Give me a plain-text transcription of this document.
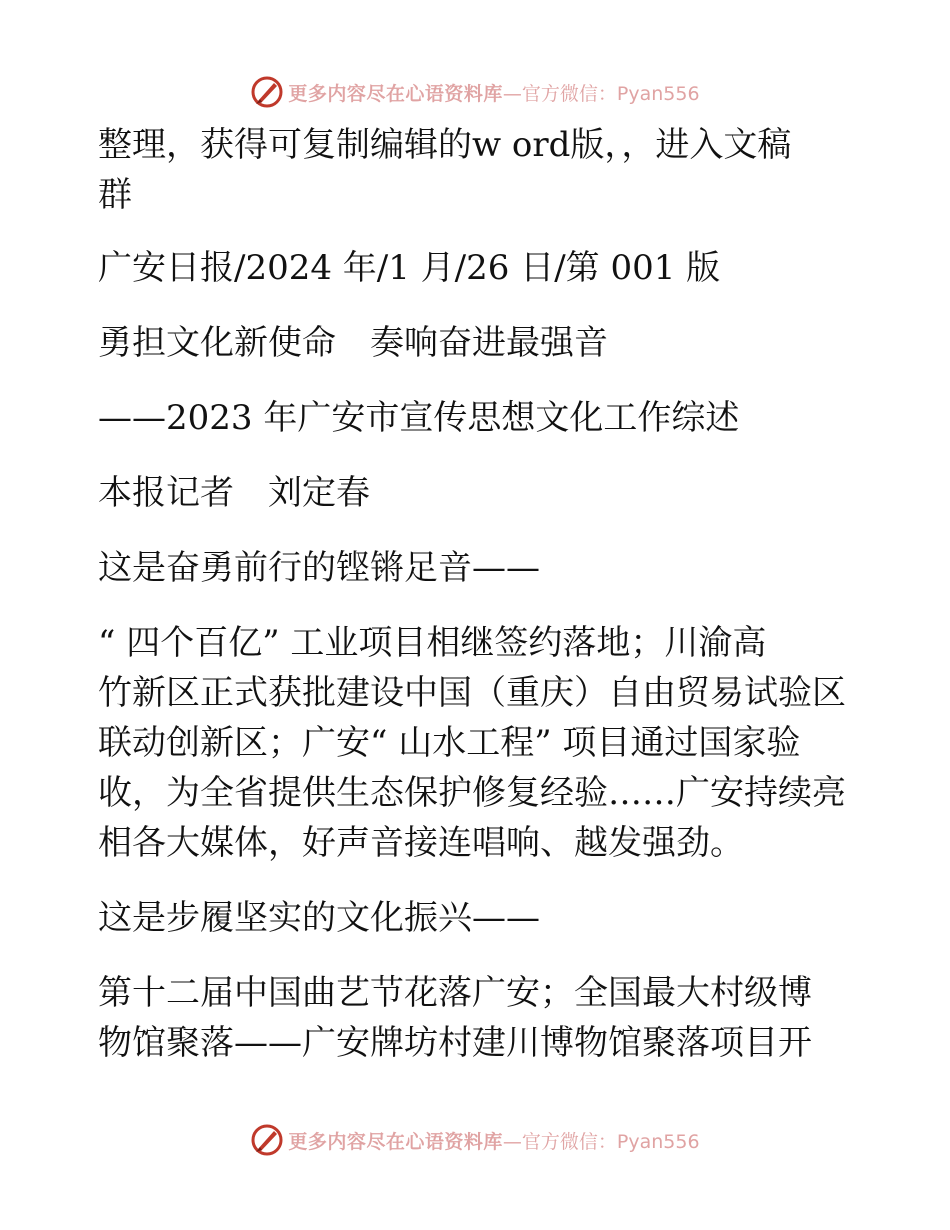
更多内容尽在心语资料库 —官方微信：Pyan556

整理，获得可复制编辑的w ord版，，进入文稿
群

广安日报/2024 年/1 月/26 日/第 001 版

勇担文化新使命　奏响奋进最强音

——2023 年广安市宣传思想文化工作综述

本报记者　刘定春

这是奋勇前行的铿锵足音——

“ 四个百亿” 工业项目相继签约落地；川渝高
竹新区正式获批建设中国（重庆）自由贸易试验区
联动创新区；广安“ 山水工程” 项目通过国家验
收，为全省提供生态保护修复经验……广安持续亮
相各大媒体，好声音接连唱响、越发强劲。

这是步履坚实的文化振兴——

第十二届中国曲艺节花落广安；全国最大村级博
物馆聚落——广安牌坊村建川博物馆聚落项目开

更多内容尽在心语资料库 —官方微信：Pyan556
